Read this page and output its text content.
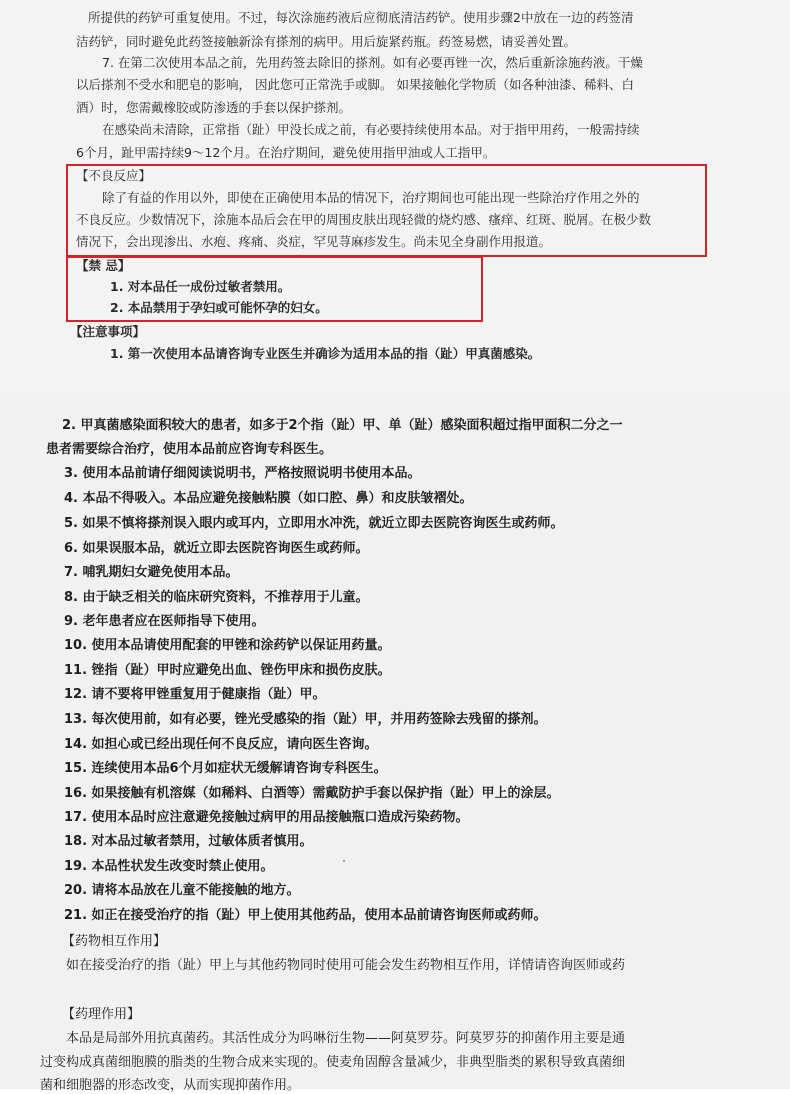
所提供的药铲可重复使用。不过，每次涂施药液后应彻底清洁药铲。使用步骤2中放在一边的药签清
洁药铲，同时避免此药签接触新涂有搽剂的病甲。用后旋紧药瓶。药签易燃，请妥善处置。
7. 在第二次使用本品之前，先用药签去除旧的搽剂。如有必要再锉一次，然后重新涂施药液。干燥
以后搽剂不受水和肥皂的影响， 因此您可正常洗手或脚。 如果接触化学物质（如各种油漆、稀料、白
酒）时，您需戴橡胶或防渗透的手套以保护搽剂。
在感染尚未清除，正常指（趾）甲没长成之前，有必要持续使用本品。对于指甲用药，一般需持续
6个月，趾甲需持续9～12个月。在治疗期间，避免使用指甲油或人工指甲。
【不良反应】
除了有益的作用以外，即使在正确使用本品的情况下，治疗期间也可能出现一些除治疗作用之外的
不良反应。少数情况下，涂施本品后会在甲的周围皮肤出现轻微的烧灼感、瘙痒、红斑、脱屑。在极少数
情况下，会出现渗出、水疱、疼痛、炎症，罕见荨麻疹发生。尚未见全身副作用报道。
【禁 忌】
1. 对本品任一成份过敏者禁用。
2. 本品禁用于孕妇或可能怀孕的妇女。
【注意事项】
1. 第一次使用本品请咨询专业医生并确诊为适用本品的指（趾）甲真菌感染。
2. 甲真菌感染面积较大的患者，如多于2个指（趾）甲、单（趾）感染面积超过指甲面积二分之一
患者需要综合治疗，使用本品前应咨询专科医生。
3. 使用本品前请仔细阅读说明书，严格按照说明书使用本品。
4. 本品不得吸入。本品应避免接触粘膜（如口腔、鼻）和皮肤皱褶处。
5. 如果不慎将搽剂误入眼内或耳内，立即用水冲洗，就近立即去医院咨询医生或药师。
6. 如果误服本品，就近立即去医院咨询医生或药师。
7. 哺乳期妇女避免使用本品。
8. 由于缺乏相关的临床研究资料，不推荐用于儿童。
9. 老年患者应在医师指导下使用。
10. 使用本品请使用配套的甲锉和涂药铲以保证用药量。
11. 锉指（趾）甲时应避免出血、锉伤甲床和损伤皮肤。
12. 请不要将甲锉重复用于健康指（趾）甲。
13. 每次使用前，如有必要，锉光受感染的指（趾）甲，并用药签除去残留的搽剂。
14. 如担心或已经出现任何不良反应，请向医生咨询。
15. 连续使用本品6个月如症状无缓解请咨询专科医生。
16. 如果接触有机溶媒（如稀料、白酒等）需戴防护手套以保护指（趾）甲上的涂层。
17. 使用本品时应注意避免接触过病甲的用品接触瓶口造成污染药物。
18. 对本品过敏者禁用，过敏体质者慎用。
19. 本品性状发生改变时禁止使用。
20. 请将本品放在儿童不能接触的地方。
21. 如正在接受治疗的指（趾）甲上使用其他药品，使用本品前请咨询医师或药师。
【药物相互作用】
如在接受治疗的指（趾）甲上与其他药物同时使用可能会发生药物相互作用，详情请咨询医师或药
【药理作用】
本品是局部外用抗真菌药。其活性成分为吗啉衍生物——阿莫罗芬。阿莫罗芬的抑菌作用主要是通
过变构成真菌细胞膜的脂类的生物合成来实现的。使麦角固醇含量减少，非典型脂类的累积导致真菌细
菌和细胞器的形态改变，从而实现抑菌作用。
